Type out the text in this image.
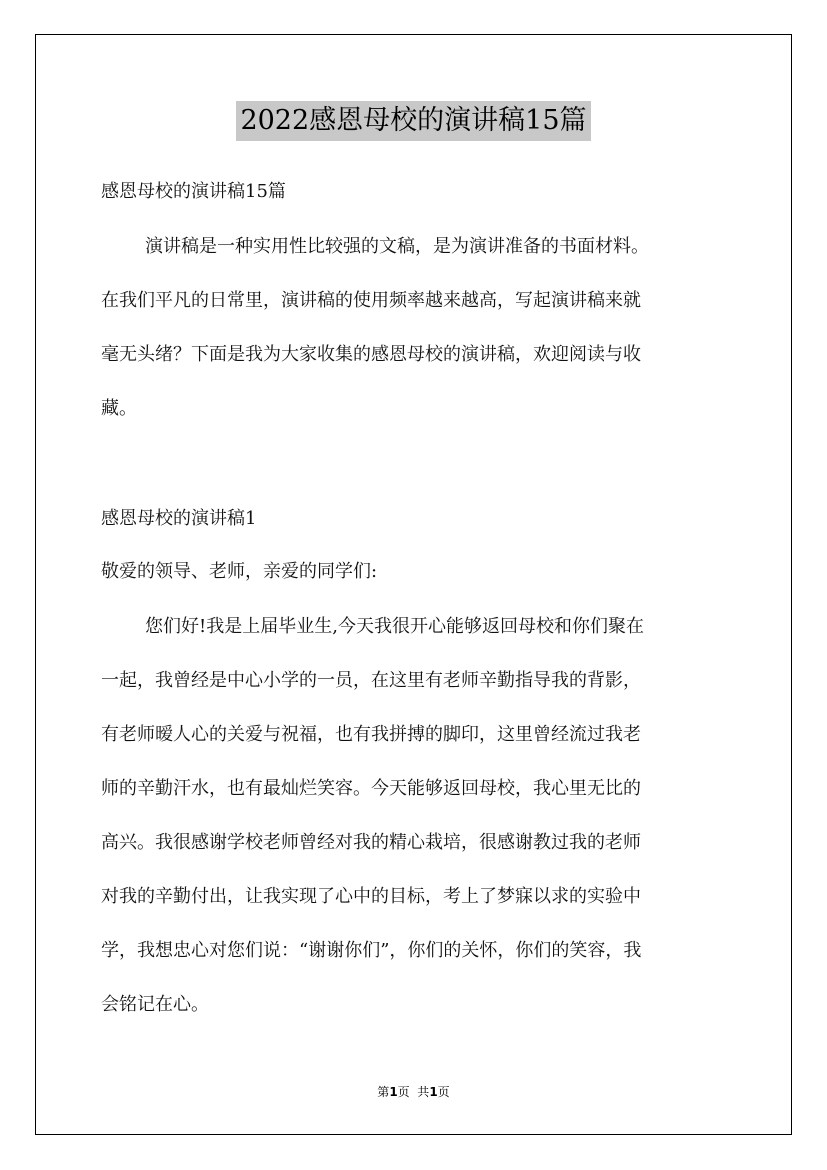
2022感恩母校的演讲稿15篇
感恩母校的演讲稿15篇
演讲稿是一种实用性比较强的文稿，是为演讲准备的书面材料。
在我们平凡的日常里，演讲稿的使用频率越来越高，写起演讲稿来就
毫无头绪？下面是我为大家收集的感恩母校的演讲稿，欢迎阅读与收
藏。
感恩母校的演讲稿1
敬爱的领导、老师，亲爱的同学们:
您们好!我是上届毕业生,今天我很开心能够返回母校和你们聚在
一起，我曾经是中心小学的一员，在这里有老师辛勤指导我的背影，
有老师暧人心的关爱与祝福，也有我拼搏的脚印，这里曾经流过我老
师的辛勤汗水，也有最灿烂笑容。今天能够返回母校，我心里无比的
高兴。我很感谢学校老师曾经对我的精心栽培，很感谢教过我的老师
对我的辛勤付出，让我实现了心中的目标，考上了梦寐以求的实验中
学，我想忠心对您们说：“谢谢你们”，你们的关怀，你们的笑容，我
会铭记在心。
第1页  共1页
